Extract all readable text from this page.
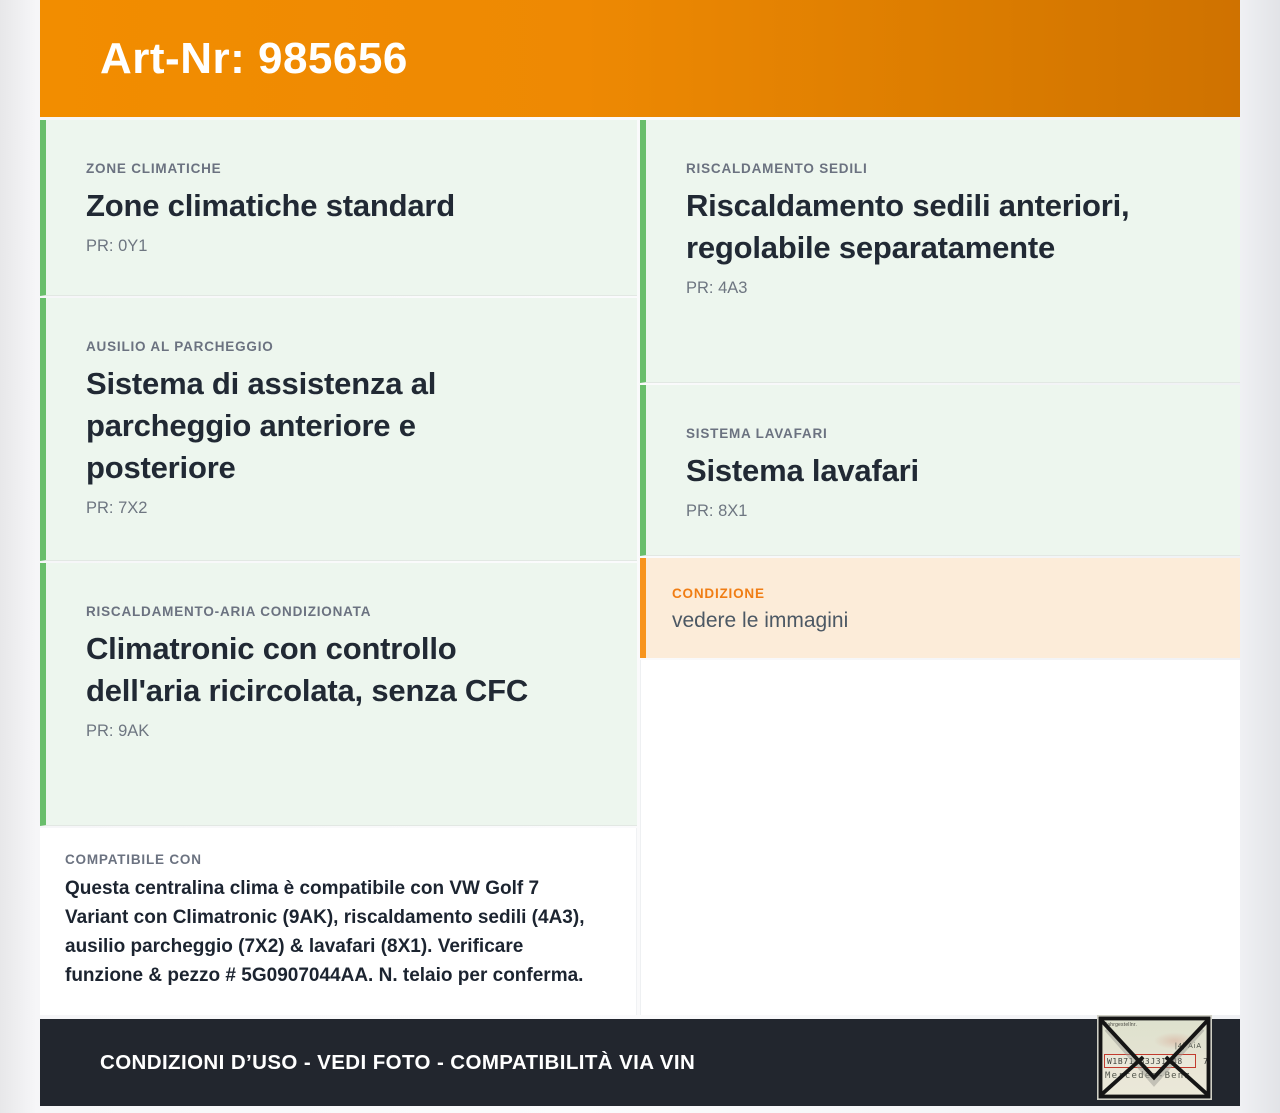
Art-Nr: 985656

ZONE CLIMATICHE

Zone climatiche standard

PR: 0Y1

AUSILIO AL PARCHEGGIO

Sistema di assistenza al parcheggio anteriore e posteriore

PR: 7X2

RISCALDAMENTO-ARIA CONDIZIONATA

Climatronic con controllo dell'aria ricircolata, senza CFC

PR: 9AK

COMPATIBILE CON

Questa centralina clima è compatibile con VW Golf 7 Variant con Climatronic (9AK), riscaldamento sedili (4A3), ausilio parcheggio (7X2) & lavafari (8X1). Verificare funzione & pezzo # 5G0907044AA. N. telaio per conferma.

RISCALDAMENTO SEDILI

Riscaldamento sedili anteriori, regolabile separatamente

PR: 4A3

SISTEMA LAVAFARI

Sistema lavafari

PR: 8X1

CONDIZIONE

vedere le immagini

CONDIZIONI D’USO - VEDI FOTO - COMPATIBILITÀ VIA VIN
Fahrgestellnr.
|4| AiA
W1B71463J31248	7
Mercedes-Benz
